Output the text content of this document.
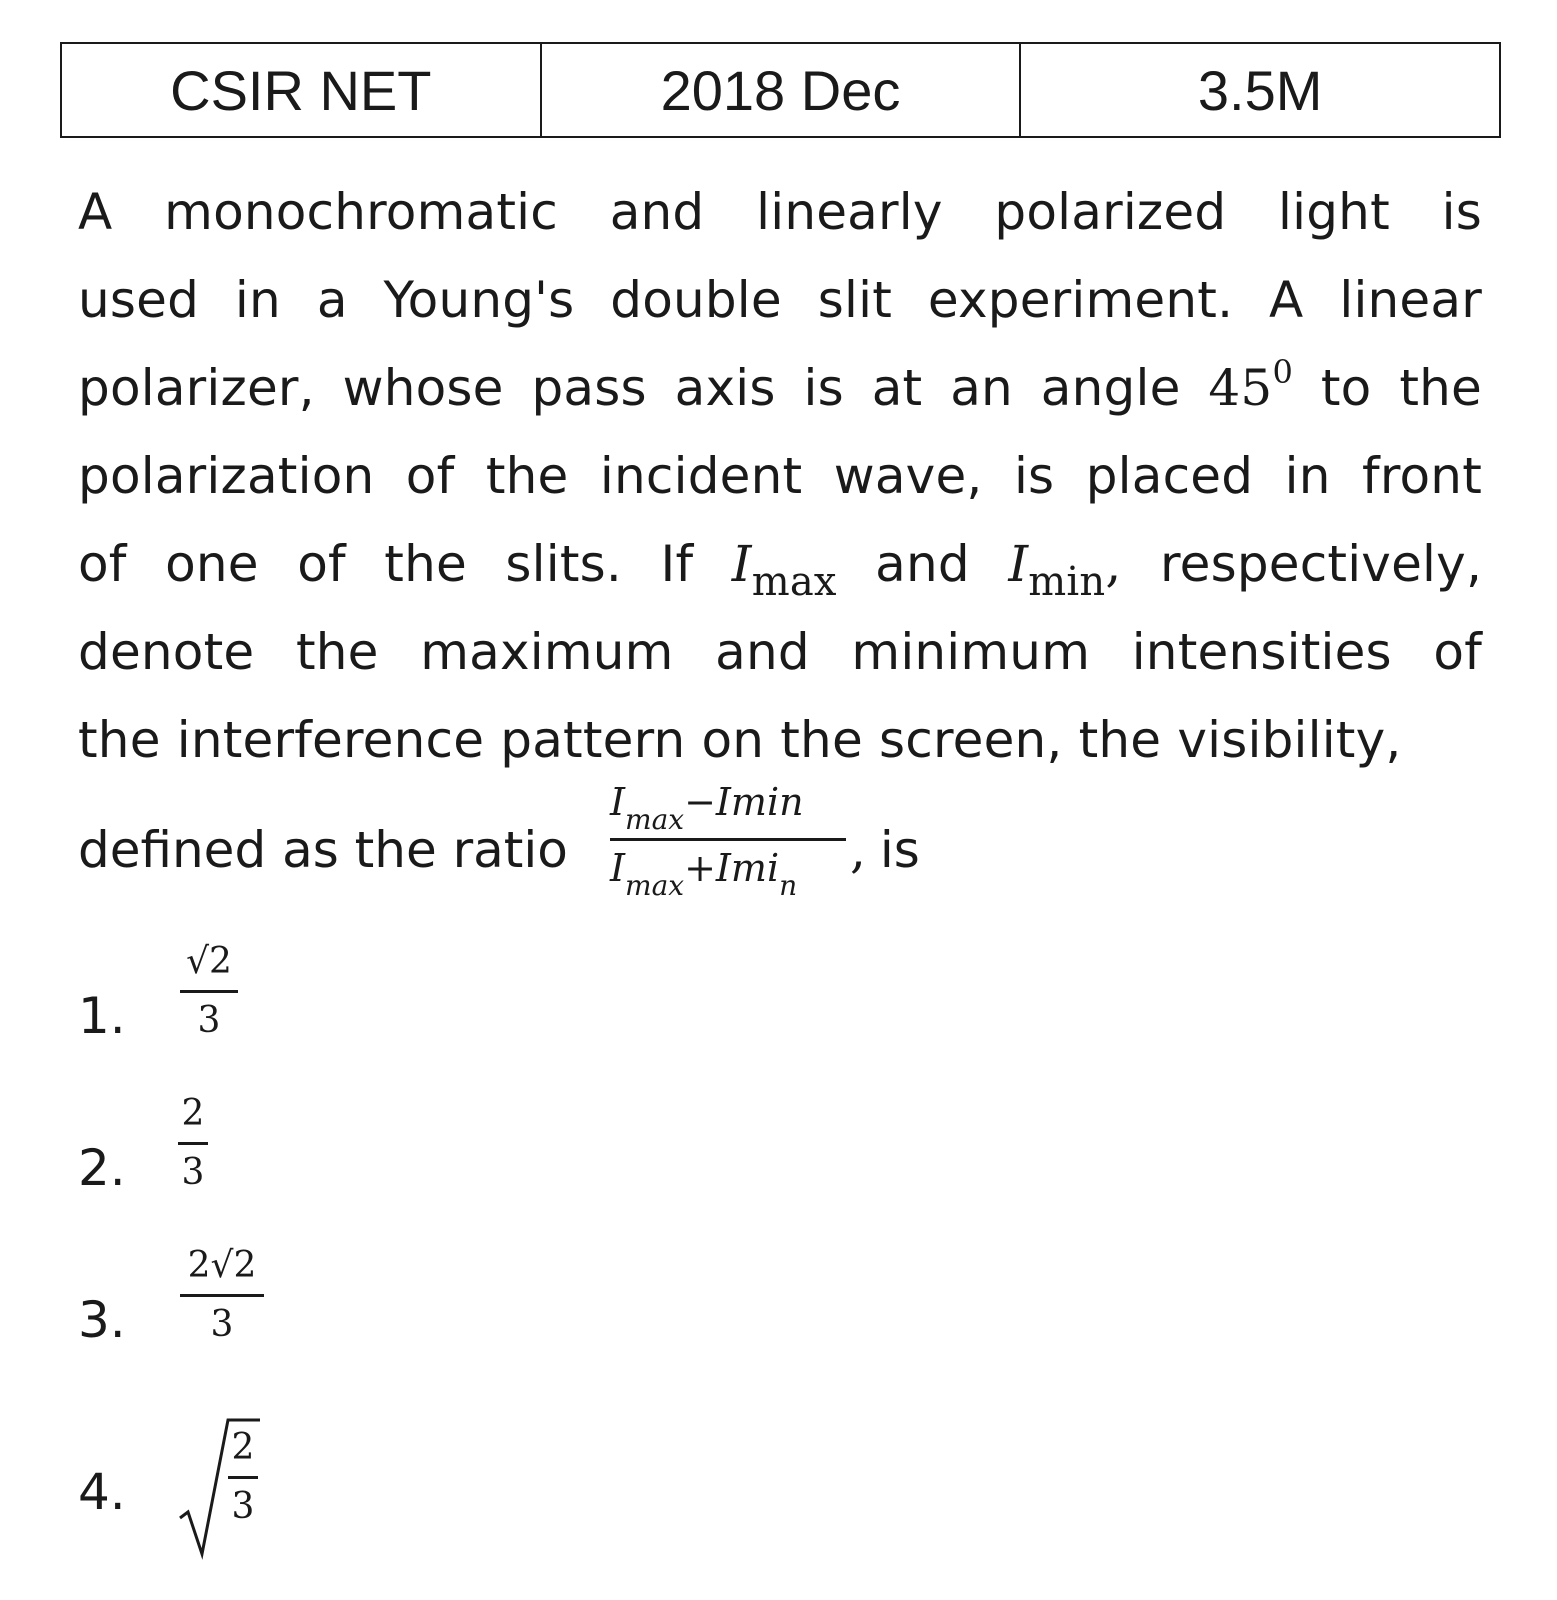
CSIR NET	2018 Dec	3.5M
A monochromatic and linearly polarized light is
used in a Young's double slit experiment. A linear
polarizer, whose pass axis is at an angle $45^0$ to the
polarization of the incident wave, is placed in front
of one of the slits. If $I_{max}$ and $I_{min}$, respectively,
denote the maximum and minimum intensities of
the interference pattern on the screen, the visibility,
defined as the ratio
$I_{max}-Imin$
$I_{max}+Imi_n$
, is
1.
√2
3
2.
2
3
3.
2√2
3
4.
2
3
